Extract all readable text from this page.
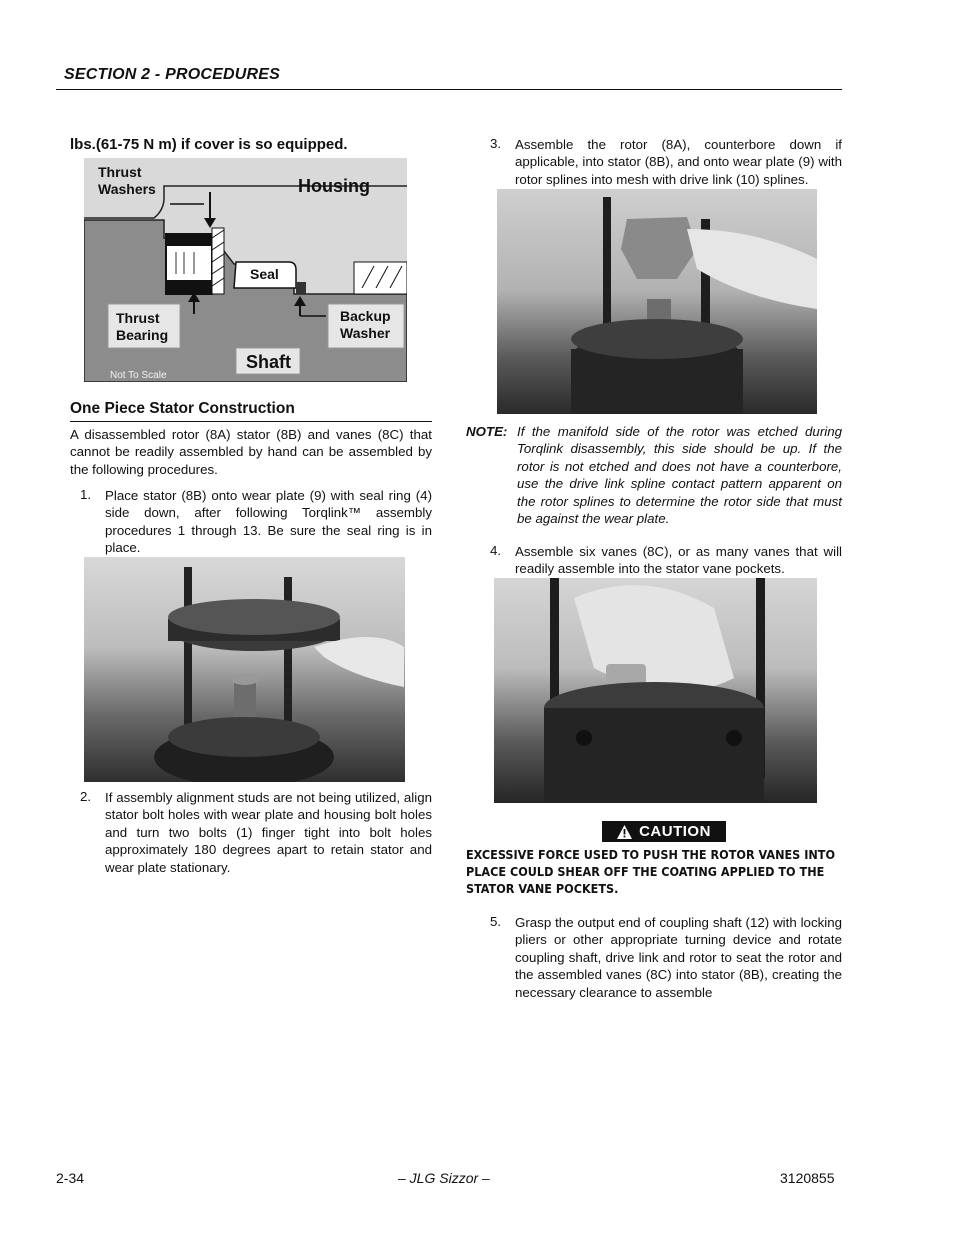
SECTION 2 - PROCEDURES
lbs.(61-75 N m) if cover is so equipped.
Thrust
Washers	Housing
Seal
Thrust
Bearing
Backup
Washer
Shaft
Not To Scale
One Piece Stator Construction
A disassembled rotor (8A) stator (8B) and vanes (8C) that cannot be readily assembled by hand can be assembled by the following procedures.
1. Place stator (8B) onto wear plate (9) with seal ring (4) side down, after following Torqlink™ assembly procedures 1 through 13. Be sure the seal ring is in place.
2. If assembly alignment studs are not being utilized, align stator bolt holes with wear plate and housing bolt holes and turn two bolts (1) finger tight into bolt holes approximately 180 degrees apart to retain stator and wear plate stationary.
3. Assemble the rotor (8A), counterbore down if applicable, into stator (8B), and onto wear plate (9) with rotor splines into mesh with drive link (10) splines.
NOTE: If the manifold side of the rotor was etched during Torqlink disassembly, this side should be up. If the rotor is not etched and does not have a counterbore, use the drive link spline contact pattern apparent on the rotor splines to determine the rotor side that must be against the wear plate.
4. Assemble six vanes (8C), or as many vanes that will readily assemble into the stator vane pockets.
CAUTION
EXCESSIVE FORCE USED TO PUSH THE ROTOR VANES INTO PLACE COULD SHEAR OFF THE COATING APPLIED TO THE STATOR VANE POCKETS.
5. Grasp the output end of coupling shaft (12) with locking pliers or other appropriate turning device and rotate coupling shaft, drive link and rotor to seat the rotor and the assembled vanes (8C) into stator (8B), creating the necessary clearance to assemble
2-34	– JLG Sizzor –	3120855
